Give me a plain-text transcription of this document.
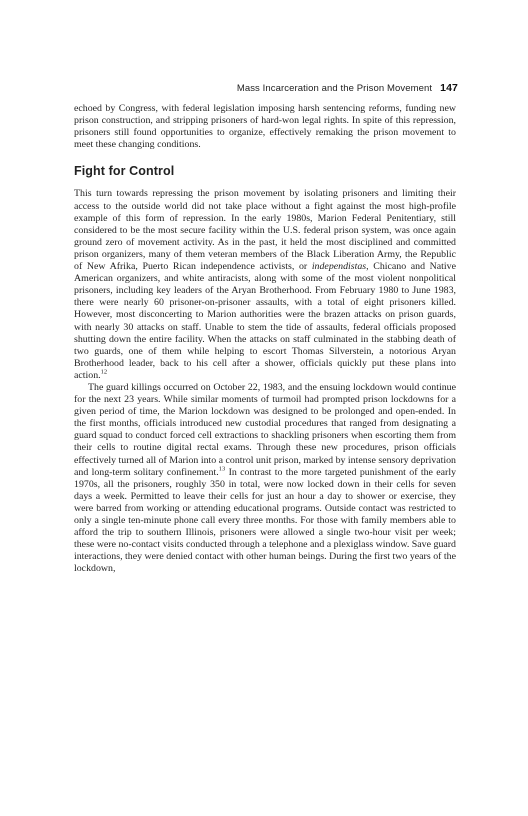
Mass Incarceration and the Prison Movement 147

echoed by Congress, with federal legislation imposing harsh sentencing reforms, funding new prison construction, and stripping prisoners of hard-won legal rights. In spite of this repression, prisoners still found opportunities to organize, effectively remaking the prison movement to meet these changing conditions.

Fight for Control

This turn towards repressing the prison movement by isolating prisoners and limiting their access to the outside world did not take place without a fight against the most high-profile example of this form of repression. In the early 1980s, Marion Federal Penitentiary, still considered to be the most secure facility within the U.S. federal prison system, was once again ground zero of movement activity. As in the past, it held the most disciplined and committed prison organizers, many of them veteran members of the Black Liberation Army, the Republic of New Afrika, Puerto Rican independence activists, or independistas, Chicano and Native American organizers, and white antiracists, along with some of the most violent nonpolitical prisoners, including key leaders of the Aryan Brotherhood. From February 1980 to June 1983, there were nearly 60 prisoner-on-prisoner assaults, with a total of eight prisoners killed. However, most disconcerting to Marion authorities were the brazen attacks on prison guards, with nearly 30 attacks on staff. Unable to stem the tide of assaults, federal officials proposed shutting down the entire facility. When the attacks on staff culminated in the stabbing death of two guards, one of them while helping to escort Thomas Silverstein, a notorious Aryan Brotherhood leader, back to his cell after a shower, officials quickly put these plans into action.$^{12}$

The guard killings occurred on October 22, 1983, and the ensuing lockdown would continue for the next 23 years. While similar moments of turmoil had prompted prison lockdowns for a given period of time, the Marion lockdown was designed to be prolonged and open-ended. In the first months, officials introduced new custodial procedures that ranged from designating a guard squad to conduct forced cell extractions to shackling prisoners when escorting them from their cells to routine digital rectal exams. Through these new procedures, prison officials effectively turned all of Marion into a control unit prison, marked by intense sensory deprivation and long-term solitary confinement.$^{13}$ In contrast to the more targeted punishment of the early 1970s, all the prisoners, roughly 350 in total, were now locked down in their cells for seven days a week. Permitted to leave their cells for just an hour a day to shower or exercise, they were barred from working or attending educational programs. Outside contact was restricted to only a single ten-minute phone call every three months. For those with family members able to afford the trip to southern Illinois, prisoners were allowed a single two-hour visit per week; these were no-contact visits conducted through a telephone and a plexiglass window. Save guard interactions, they were denied contact with other human beings. During the first two years of the lockdown,
